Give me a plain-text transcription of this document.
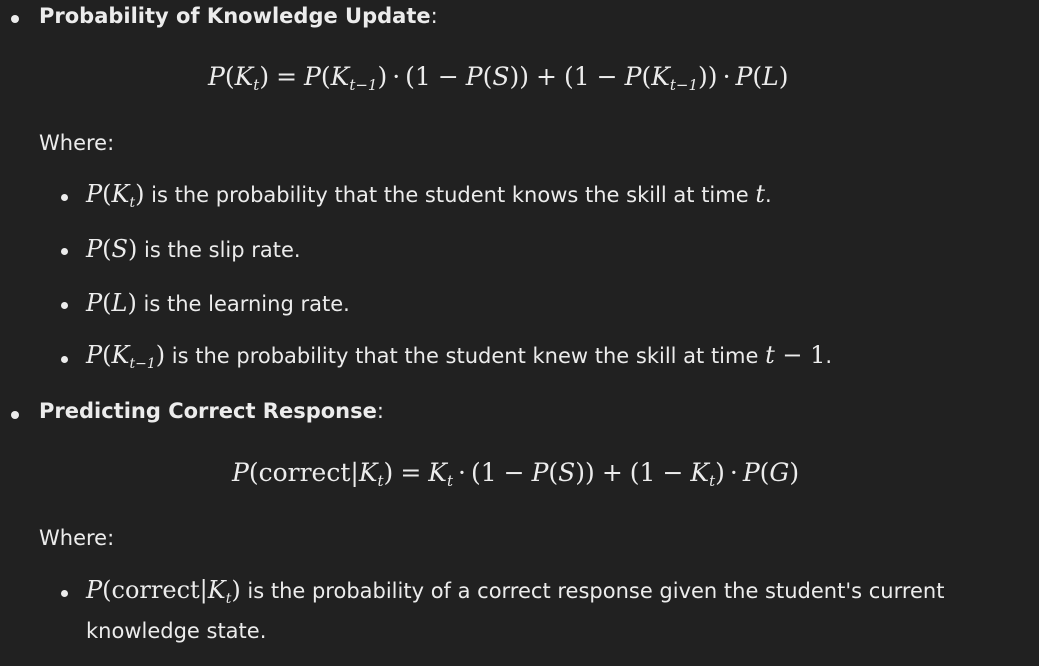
Probability of Knowledge Update:
$P(K_t) = P(K_{t-1}) \cdot (1 - P(S)) + (1 - P(K_{t-1})) \cdot P(L)$
Where:
$P(K_t)$ is the probability that the student knows the skill at time t.
P(S) is the slip rate.
P(L) is the learning rate.
$P(K_{t-1})$ is the probability that the student knew the skill at time t − 1.
Predicting Correct Response:
$P(correct|K_t) = K_t \cdot (1 - P(S)) + (1 - K_t) \cdot P(G)$
Where:
$P(correct|K_t)$ is the probability of a correct response given the student's current
knowledge state.
